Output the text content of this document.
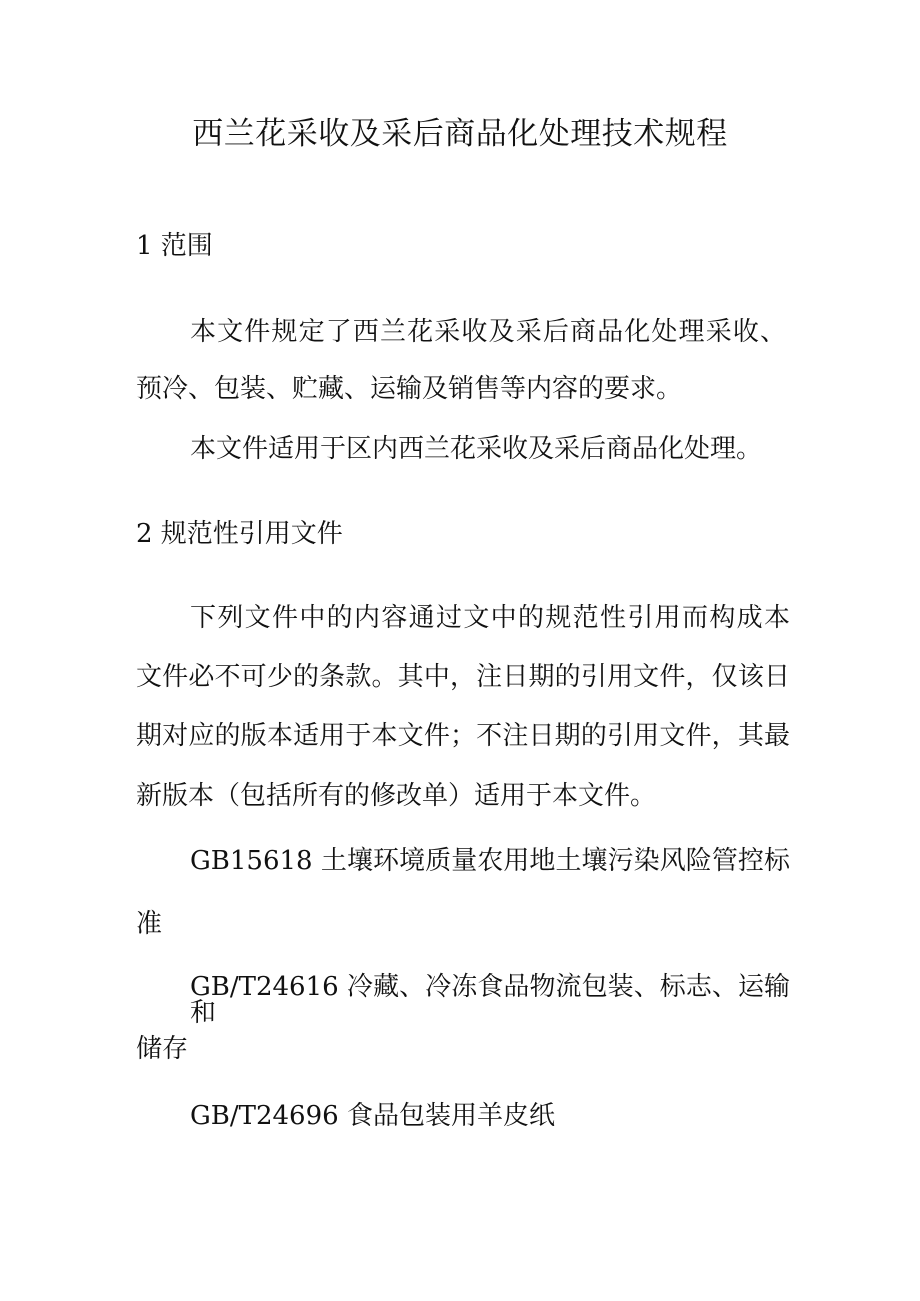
西兰花采收及采后商品化处理技术规程
1 范围
本文件规定了西兰花采收及采后商品化处理采收、
预冷、包装、贮藏、运输及销售等内容的要求。
本文件适用于区内西兰花采收及采后商品化处理。
2 规范性引用文件
下列文件中的内容通过文中的规范性引用而构成本
文件必不可少的条款。其中，注日期的引用文件，仅该日
期对应的版本适用于本文件；不注日期的引用文件，其最
新版本（包括所有的修改单）适用于本文件。
GB15618 土壤环境质量农用地土壤污染风险管控标
准
GB/T24616 冷藏、冷冻食品物流包装、标志、运输和
储存
GB/T24696 食品包装用羊皮纸
